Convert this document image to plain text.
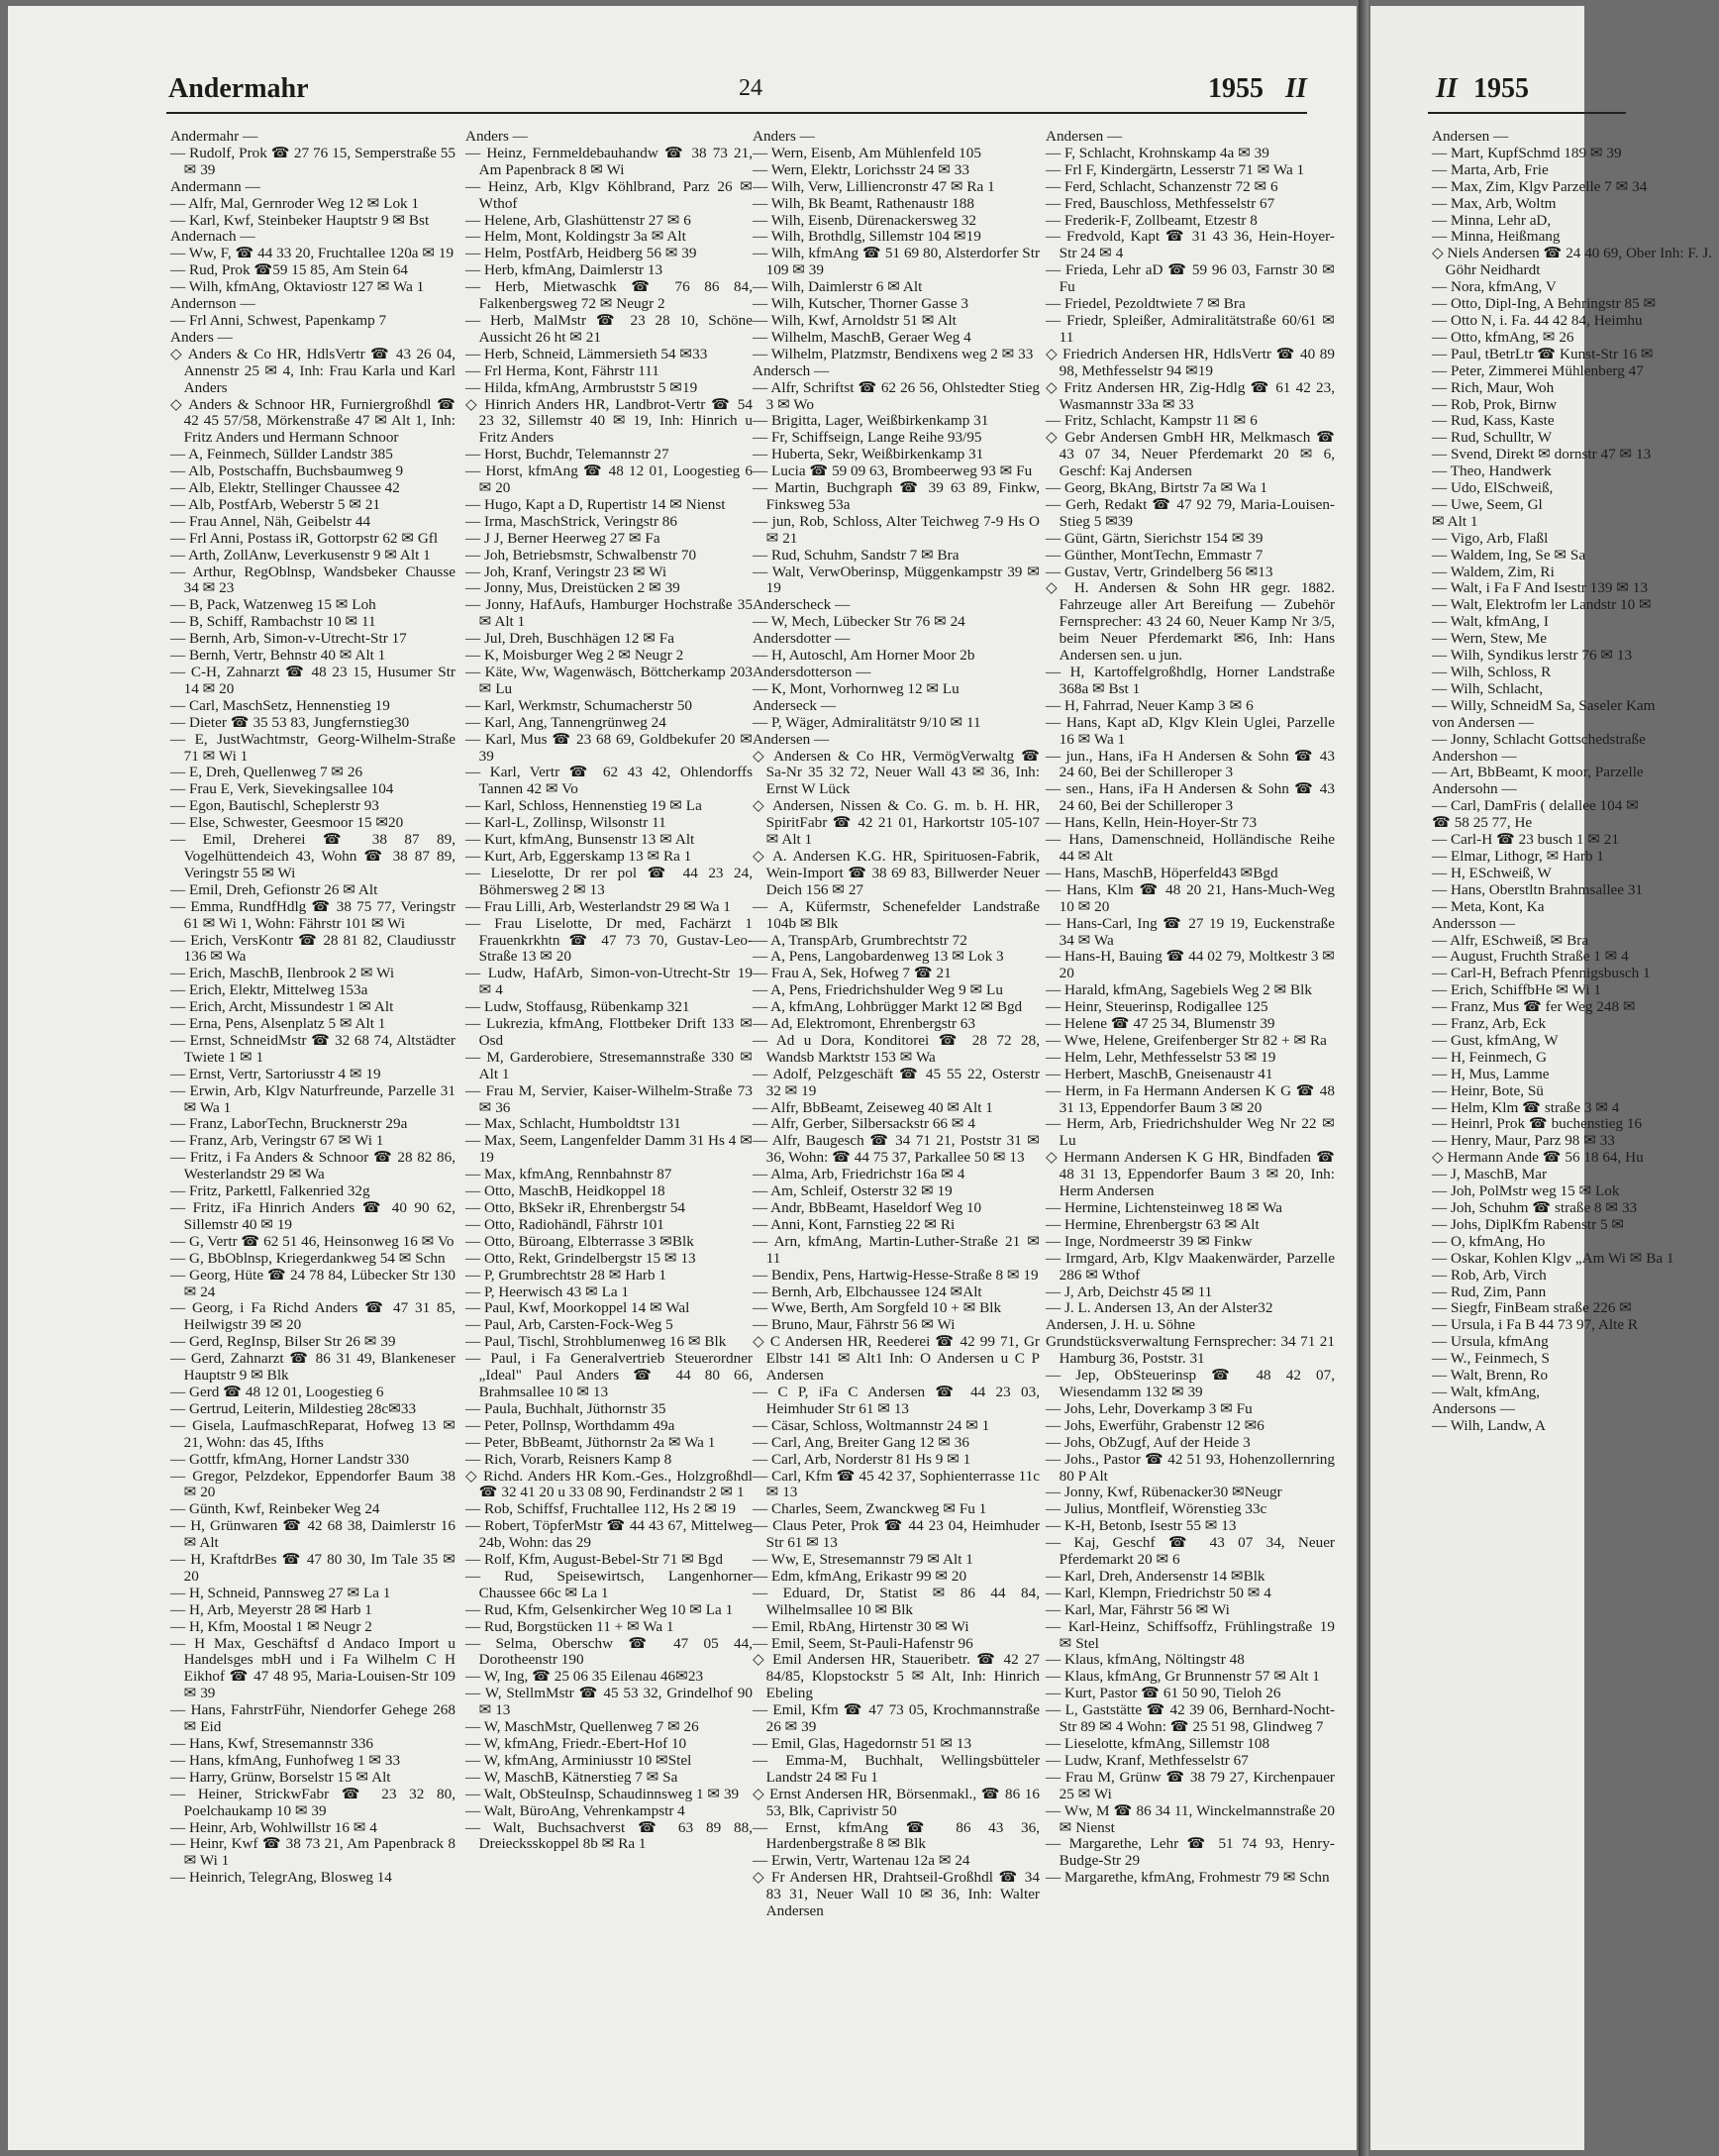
Andermahr	24	1955 II

Andermahr —

— Rudolf, Prok ☎ 27 76 15, Semperstraße 55 ✉ 39

Andermann —

— Alfr, Mal, Gernroder Weg 12 ✉ Lok 1

— Karl, Kwf, Steinbeker Hauptstr 9 ✉ Bst

Andernach —

— Ww, F, ☎ 44 33 20, Fruchtallee 120a ✉ 19

— Rud, Prok ☎59 15 85, Am Stein 64

— Wilh, kfmAng, Oktaviostr 127 ✉ Wa 1

Andernson —

— Frl Anni, Schwest, Papenkamp 7

Anders —

◇ Anders & Co HR, HdlsVertr ☎ 43 26 04, Annenstr 25 ✉ 4, Inh: Frau Karla und Karl Anders

◇ Anders & Schnoor HR, Furniergroßhdl ☎ 42 45 57/58, Mörkenstraße 47 ✉ Alt 1, Inh: Fritz Anders und Hermann Schnoor

— A, Feinmech, Süllder Landstr 385

— Alb, Postschaffn, Buchsbaumweg 9

— Alb, Elektr, Stellinger Chaussee 42

— Alb, PostfArb, Weberstr 5 ✉ 21

— Frau Annel, Näh, Geibelstr 44

— Frl Anni, Postass iR, Gottorpstr 62 ✉ Gfl

— Arth, ZollAnw, Leverkusenstr 9 ✉ Alt 1

— Arthur, RegOblnsp, Wandsbeker Chausse 34 ✉ 23

— B, Pack, Watzenweg 15 ✉ Loh

— B, Schiff, Rambachstr 10 ✉ 11

— Bernh, Arb, Simon-v-Utrecht-Str 17

— Bernh, Vertr, Behnstr 40 ✉ Alt 1

— C-H, Zahnarzt ☎ 48 23 15, Husumer Str 14 ✉ 20

— Carl, MaschSetz, Hennenstieg 19

— Dieter ☎ 35 53 83, Jungfernstieg30

— E, JustWachtmstr, Georg-Wilhelm-Straße 71 ✉ Wi 1

— E, Dreh, Quellenweg 7 ✉ 26

— Frau E, Verk, Sievekingsallee 104

— Egon, Bautischl, Scheplerstr 93

— Else, Schwester, Geesmoor 15 ✉20

— Emil, Dreherei ☎ 38 87 89, Vogelhüttendeich 43, Wohn ☎ 38 87 89, Veringstr 55 ✉ Wi

— Emil, Dreh, Gefionstr 26 ✉ Alt

— Emma, RundfHdlg ☎ 38 75 77, Veringstr 61 ✉ Wi 1, Wohn: Fährstr 101 ✉ Wi

— Erich, VersKontr ☎ 28 81 82, Claudiusstr 136 ✉ Wa

— Erich, MaschB, Ilenbrook 2 ✉ Wi

— Erich, Elektr, Mittelweg 153a

— Erich, Archt, Missundestr 1 ✉ Alt

— Erna, Pens, Alsenplatz 5 ✉ Alt 1

— Ernst, SchneidMstr ☎ 32 68 74, Altstädter Twiete 1 ✉ 1

— Ernst, Vertr, Sartoriusstr 4 ✉ 19

— Erwin, Arb, Klgv Naturfreunde, Parzelle 31 ✉ Wa 1

— Franz, LaborTechn, Brucknerstr 29a

— Franz, Arb, Veringstr 67 ✉ Wi 1

— Fritz, i Fa Anders & Schnoor ☎ 28 82 86, Westerlandstr 29 ✉ Wa

— Fritz, Parkettl, Falkenried 32g

— Fritz, iFa Hinrich Anders ☎ 40 90 62, Sillemstr 40 ✉ 19

— G, Vertr ☎ 62 51 46, Heinsonweg 16 ✉ Vo

— G, BbOblnsp, Kriegerdankweg 54 ✉ Schn

— Georg, Hüte ☎ 24 78 84, Lübecker Str 130 ✉ 24

— Georg, i Fa Richd Anders ☎ 47 31 85, Heilwigstr 39 ✉ 20

— Gerd, RegInsp, Bilser Str 26 ✉ 39

— Gerd, Zahnarzt ☎ 86 31 49, Blankeneser Hauptstr 9 ✉ Blk

— Gerd ☎ 48 12 01, Loogestieg 6

— Gertrud, Leiterin, Mildestieg 28c✉33

— Gisela, LaufmaschReparat, Hofweg 13 ✉ 21, Wohn: das 45, Ifths

— Gottfr, kfmAng, Horner Landstr 330

— Gregor, Pelzdekor, Eppendorfer Baum 38 ✉ 20

— Günth, Kwf, Reinbeker Weg 24

— H, Grünwaren ☎ 42 68 38, Daimlerstr 16 ✉ Alt

— H, KraftdrBes ☎ 47 80 30, Im Tale 35 ✉ 20

— H, Schneid, Pannsweg 27 ✉ La 1

— H, Arb, Meyerstr 28 ✉ Harb 1

— H, Kfm, Moostal 1 ✉ Neugr 2

— H Max, Geschäftsf d Andaco Import u Handelsges mbH und i Fa Wilhelm C H Eikhof ☎ 47 48 95, Maria-Louisen-Str 109 ✉ 39

— Hans, FahrstrFühr, Niendorfer Gehege 268 ✉ Eid

— Hans, Kwf, Stresemannstr 336

— Hans, kfmAng, Funhofweg 1 ✉ 33

— Harry, Grünw, Borselstr 15 ✉ Alt

— Heiner, StrickwFabr ☎ 23 32 80, Poelchaukamp 10 ✉ 39

— Heinr, Arb, Wohlwillstr 16 ✉ 4

— Heinr, Kwf ☎ 38 73 21, Am Papenbrack 8 ✉ Wi 1

— Heinrich, TelegrAng, Blosweg 14

Anders —

— Heinz, Fernmeldebauhandw ☎ 38 73 21, Am Papenbrack 8 ✉ Wi

— Heinz, Arb, Klgv Köhlbrand, Parz 26 ✉ Wthof

— Helene, Arb, Glashüttenstr 27 ✉ 6

— Helm, Mont, Koldingstr 3a ✉ Alt

— Helm, PostfArb, Heidberg 56 ✉ 39

— Herb, kfmAng, Daimlerstr 13

— Herb, Mietwaschk ☎ 76 86 84, Falkenbergsweg 72 ✉ Neugr 2

— Herb, MalMstr ☎ 23 28 10, Schöne Aussicht 26 ht ✉ 21

— Herb, Schneid, Lämmersieth 54 ✉33

— Frl Herma, Kont, Fährstr 111

— Hilda, kfmAng, Armbruststr 5 ✉19

◇ Hinrich Anders HR, Landbrot-Vertr ☎ 54 23 32, Sillemstr 40 ✉ 19, Inh: Hinrich u Fritz Anders

— Horst, Buchdr, Telemannstr 27

— Horst, kfmAng ☎ 48 12 01, Loogestieg 6 ✉ 20

— Hugo, Kapt a D, Rupertistr 14 ✉ Nienst

— Irma, MaschStrick, Veringstr 86

— J J, Berner Heerweg 27 ✉ Fa

— Joh, Betriebsmstr, Schwalbenstr 70

— Joh, Kranf, Veringstr 23 ✉ Wi

— Jonny, Mus, Dreistücken 2 ✉ 39

— Jonny, HafAufs, Hamburger Hochstraße 35 ✉ Alt 1

— Jul, Dreh, Buschhägen 12 ✉ Fa

— K, Moisburger Weg 2 ✉ Neugr 2

— Käte, Ww, Wagenwäsch, Böttcherkamp 203 ✉ Lu

— Karl, Werkmstr, Schumacherstr 50

— Karl, Ang, Tannengrünweg 24

— Karl, Mus ☎ 23 68 69, Goldbekufer 20 ✉ 39

— Karl, Vertr ☎ 62 43 42, Ohlendorffs Tannen 42 ✉ Vo

— Karl, Schloss, Hennenstieg 19 ✉ La

— Karl-L, Zollinsp, Wilsonstr 11

— Kurt, kfmAng, Bunsenstr 13 ✉ Alt

— Kurt, Arb, Eggerskamp 13 ✉ Ra 1

— Lieselotte, Dr rer pol ☎ 44 23 24, Böhmersweg 2 ✉ 13

— Frau Lilli, Arb, Westerlandstr 29 ✉ Wa 1

— Frau Liselotte, Dr med, Fachärzt 1 Frauenkrkhtn ☎ 47 73 70, Gustav-Leo-Straße 13 ✉ 20

— Ludw, HafArb, Simon-von-Utrecht-Str 19 ✉ 4

— Ludw, Stoffausg, Rübenkamp 321

— Lukrezia, kfmAng, Flottbeker Drift 133 ✉ Osd

— M, Garderobiere, Stresemannstraße 330 ✉ Alt 1

— Frau M, Servier, Kaiser-Wilhelm-Straße 73 ✉ 36

— Max, Schlacht, Humboldtstr 131

— Max, Seem, Langenfelder Damm 31 Hs 4 ✉ 19

— Max, kfmAng, Rennbahnstr 87

— Otto, MaschB, Heidkoppel 18

— Otto, BkSekr iR, Ehrenbergstr 54

— Otto, Radiohändl, Fährstr 101

— Otto, Büroang, Elbterrasse 3 ✉Blk

— Otto, Rekt, Grindelbergstr 15 ✉ 13

— P, Grumbrechtstr 28 ✉ Harb 1

— P, Heerwisch 43 ✉ La 1

— Paul, Kwf, Moorkoppel 14 ✉ Wal

— Paul, Arb, Carsten-Fock-Weg 5

— Paul, Tischl, Strohblumenweg 16 ✉ Blk

— Paul, i Fa Generalvertrieb Steuerordner „Ideal" Paul Anders ☎ 44 80 66, Brahmsallee 10 ✉ 13

— Paula, Buchhalt, Jüthornstr 35

— Peter, Pollnsp, Worthdamm 49a

— Peter, BbBeamt, Jüthornstr 2a ✉ Wa 1

— Rich, Vorarb, Reisners Kamp 8

◇ Richd. Anders HR Kom.-Ges., Holzgroßhdl ☎ 32 41 20 u 33 08 90, Ferdinandstr 2 ✉ 1

— Rob, Schiffsf, Fruchtallee 112, Hs 2 ✉ 19

— Robert, TöpferMstr ☎ 44 43 67, Mittelweg 24b, Wohn: das 29

— Rolf, Kfm, August-Bebel-Str 71 ✉ Bgd

— Rud, Speisewirtsch, Langenhorner Chaussee 66c ✉ La 1

— Rud, Kfm, Gelsenkircher Weg 10 ✉ La 1

— Rud, Borgstücken 11 + ✉ Wa 1

— Selma, Oberschw ☎ 47 05 44, Dorotheenstr 190

— W, Ing, ☎ 25 06 35 Eilenau 46✉23

— W, StellmMstr ☎ 45 53 32, Grindelhof 90 ✉ 13

— W, MaschMstr, Quellenweg 7 ✉ 26

— W, kfmAng, Friedr.-Ebert-Hof 10

— W, kfmAng, Arminiusstr 10 ✉Stel

— W, MaschB, Kätnerstieg 7 ✉ Sa

— Walt, ObSteuInsp, Schaudinnsweg 1 ✉ 39

— Walt, BüroAng, Vehrenkampstr 4

— Walt, Buchsachverst ☎ 63 89 88, Dreiecksskoppel 8b ✉ Ra 1

Anders —

— Wern, Eisenb, Am Mühlenfeld 105

— Wern, Elektr, Lorichsstr 24 ✉ 33

— Wilh, Verw, Lilliencronstr 47 ✉ Ra 1

— Wilh, Bk Beamt, Rathenaustr 188

— Wilh, Eisenb, Dürenackersweg 32

— Wilh, Brothdlg, Sillemstr 104 ✉19

— Wilh, kfmAng ☎ 51 69 80, Alsterdorfer Str 109 ✉ 39

— Wilh, Daimlerstr 6 ✉ Alt

— Wilh, Kutscher, Thorner Gasse 3

— Wilh, Kwf, Arnoldstr 51 ✉ Alt

— Wilhelm, MaschB, Geraer Weg 4

— Wilhelm, Platzmstr, Bendixens weg 2 ✉ 33

Andersch —

— Alfr, Schriftst ☎ 62 26 56, Ohlstedter Stieg 3 ✉ Wo

— Brigitta, Lager, Weißbirkenkamp 31

— Fr, Schiffseign, Lange Reihe 93/95

— Huberta, Sekr, Weißbirkenkamp 31

— Lucia ☎ 59 09 63, Brombeerweg 93 ✉ Fu

— Martin, Buchgraph ☎ 39 63 89, Finkw, Finksweg 53a

— jun, Rob, Schloss, Alter Teichweg 7-9 Hs O ✉ 21

— Rud, Schuhm, Sandstr 7 ✉ Bra

— Walt, VerwOberinsp, Müggenkampstr 39 ✉ 19

Anderscheck —

— W, Mech, Lübecker Str 76 ✉ 24

Andersdotter —

— H, Autoschl, Am Horner Moor 2b

Andersdotterson —

— K, Mont, Vorhornweg 12 ✉ Lu

Anderseck —

— P, Wäger, Admiralitätstr 9/10 ✉ 11

Andersen —

◇ Andersen & Co HR, VermögVerwaltg ☎ Sa-Nr 35 32 72, Neuer Wall 43 ✉ 36, Inh: Ernst W Lück

◇ Andersen, Nissen & Co. G. m. b. H. HR, SpiritFabr ☎ 42 21 01, Harkortstr 105-107 ✉ Alt 1

◇ A. Andersen K.G. HR, Spirituosen-Fabrik, Wein-Import ☎ 38 69 83, Billwerder Neuer Deich 156 ✉ 27

— A, Küfermstr, Schenefelder Landstraße 104b ✉ Blk

— A, TranspArb, Grumbrechtstr 72

— A, Pens, Langobardenweg 13 ✉ Lok 3

— Frau A, Sek, Hofweg 7 ☎ 21

— A, Pens, Friedrichshulder Weg 9 ✉ Lu

— A, kfmAng, Lohbrügger Markt 12 ✉ Bgd

— Ad, Elektromont, Ehrenbergstr 63

— Ad u Dora, Konditorei ☎ 28 72 28, Wandsb Marktstr 153 ✉ Wa

— Adolf, Pelzgeschäft ☎ 45 55 22, Osterstr 32 ✉ 19

— Alfr, BbBeamt, Zeiseweg 40 ✉ Alt 1

— Alfr, Gerber, Silbersackstr 66 ✉ 4

— Alfr, Baugesch ☎ 34 71 21, Poststr 31 ✉ 36, Wohn: ☎ 44 75 37, Parkallee 50 ✉ 13

— Alma, Arb, Friedrichstr 16a ✉ 4

— Am, Schleif, Osterstr 32 ✉ 19

— Andr, BbBeamt, Haseldorf Weg 10

— Anni, Kont, Farnstieg 22 ✉ Ri

— Arn, kfmAng, Martin-Luther-Straße 21 ✉ 11

— Bendix, Pens, Hartwig-Hesse-Straße 8 ✉ 19

— Bernh, Arb, Elbchaussee 124 ✉Alt

— Wwe, Berth, Am Sorgfeld 10 + ✉ Blk

— Bruno, Maur, Fährstr 56 ✉ Wi

◇ C Andersen HR, Reederei ☎ 42 99 71, Gr Elbstr 141 ✉ Alt1 Inh: O Andersen u C P Andersen

— C P, iFa C Andersen ☎ 44 23 03, Heimhuder Str 61 ✉ 13

— Cäsar, Schloss, Woltmannstr 24 ✉ 1

— Carl, Ang, Breiter Gang 12 ✉ 36

— Carl, Arb, Norderstr 81 Hs 9 ✉ 1

— Carl, Kfm ☎ 45 42 37, Sophienterrasse 11c ✉ 13

— Charles, Seem, Zwanckweg ✉ Fu 1

— Claus Peter, Prok ☎ 44 23 04, Heimhuder Str 61 ✉ 13

— Ww, E, Stresemannstr 79 ✉ Alt 1

— Edm, kfmAng, Erikastr 99 ✉ 20

— Eduard, Dr, Statist ✉ 86 44 84, Wilhelmsallee 10 ✉ Blk

— Emil, RbAng, Hirtenstr 30 ✉ Wi

— Emil, Seem, St-Pauli-Hafenstr 96

◇ Emil Andersen HR, Staueribetr. ☎ 42 27 84/85, Klopstockstr 5 ✉ Alt, Inh: Hinrich Ebeling

— Emil, Kfm ☎ 47 73 05, Krochmannstraße 26 ✉ 39

— Emil, Glas, Hagedornstr 51 ✉ 13

— Emma-M, Buchhalt, Wellingsbütteler Landstr 24 ✉ Fu 1

◇ Ernst Andersen HR, Börsenmakl., ☎ 86 16 53, Blk, Caprivistr 50

— Ernst, kfmAng ☎ 86 43 36, Hardenbergstraße 8 ✉ Blk

— Erwin, Vertr, Wartenau 12a ✉ 24

◇ Fr Andersen HR, Drahtseil-Großhdl ☎ 34 83 31, Neuer Wall 10 ✉ 36, Inh: Walter Andersen

Andersen —

— F, Schlacht, Krohnskamp 4a ✉ 39

— Frl F, Kindergärtn, Lesserstr 71 ✉ Wa 1

— Ferd, Schlacht, Schanzenstr 72 ✉ 6

— Fred, Bauschloss, Methfesselstr 67

— Frederik-F, Zollbeamt, Etzestr 8

— Fredvold, Kapt ☎ 31 43 36, Hein-Hoyer-Str 24 ✉ 4

— Frieda, Lehr aD ☎ 59 96 03, Farnstr 30 ✉ Fu

— Friedel, Pezoldtwiete 7 ✉ Bra

— Friedr, Spleißer, Admiralitätstraße 60/61 ✉ 11

◇ Friedrich Andersen HR, HdlsVertr ☎ 40 89 98, Methfesselstr 94 ✉19

◇ Fritz Andersen HR, Zig-Hdlg ☎ 61 42 23, Wasmannstr 33a ✉ 33

— Fritz, Schlacht, Kampstr 11 ✉ 6

◇ Gebr Andersen GmbH HR, Melkmasch ☎ 43 07 34, Neuer Pferdemarkt 20 ✉ 6, Geschf: Kaj Andersen

— Georg, BkAng, Birtstr 7a ✉ Wa 1

— Gerh, Redakt ☎ 47 92 79, Maria-Louisen-Stieg 5 ✉39

— Günt, Gärtn, Sierichstr 154 ✉ 39

— Günther, MontTechn, Emmastr 7

— Gustav, Vertr, Grindelberg 56 ✉13

◇ H. Andersen & Sohn HR gegr. 1882. Fahrzeuge aller Art Bereifung — Zubehör Fernsprecher: 43 24 60, Neuer Kamp Nr 3/5, beim Neuer Pferdemarkt ✉6, Inh: Hans Andersen sen. u jun.

— H, Kartoffelgroßhdlg, Horner Landstraße 368a ✉ Bst 1

— H, Fahrrad, Neuer Kamp 3 ✉ 6

— Hans, Kapt aD, Klgv Klein Uglei, Parzelle 16 ✉ Wa 1

— jun., Hans, iFa H Andersen & Sohn ☎ 43 24 60, Bei der Schilleroper 3

— sen., Hans, iFa H Andersen & Sohn ☎ 43 24 60, Bei der Schilleroper 3

— Hans, Kelln, Hein-Hoyer-Str 73

— Hans, Damenschneid, Holländische Reihe 44 ✉ Alt

— Hans, MaschB, Höperfeld43 ✉Bgd

— Hans, Klm ☎ 48 20 21, Hans-Much-Weg 10 ✉ 20

— Hans-Carl, Ing ☎ 27 19 19, Euckenstraße 34 ✉ Wa

— Hans-H, Bauing ☎ 44 02 79, Moltkestr 3 ✉ 20

— Harald, kfmAng, Sagebiels Weg 2 ✉ Blk

— Heinr, Steuerinsp, Rodigallee 125

— Helene ☎ 47 25 34, Blumenstr 39

— Wwe, Helene, Greifenberger Str 82 + ✉ Ra

— Helm, Lehr, Methfesselstr 53 ✉ 19

— Herbert, MaschB, Gneisenaustr 41

— Herm, in Fa Hermann Andersen K G ☎ 48 31 13, Eppendorfer Baum 3 ✉ 20

— Herm, Arb, Friedrichshulder Weg Nr 22 ✉ Lu

◇ Hermann Andersen K G HR, Bindfaden ☎ 48 31 13, Eppendorfer Baum 3 ✉ 20, Inh: Herm Andersen

— Hermine, Lichtensteinweg 18 ✉ Wa

— Hermine, Ehrenbergstr 63 ✉ Alt

— Inge, Nordmeerstr 39 ✉ Finkw

— Irmgard, Arb, Klgv Maakenwärder, Parzelle 286 ✉ Wthof

— J, Arb, Deichstr 45 ✉ 11

— J. L. Andersen 13, An der Alster32

Andersen, J. H. u. Söhne

Grundstücksverwaltung Fernsprecher: 34 71 21 Hamburg 36, Poststr. 31

— Jep, ObSteuerinsp ☎ 48 42 07, Wiesendamm 132 ✉ 39

— Johs, Lehr, Doverkamp 3 ✉ Fu

— Johs, Ewerführ, Grabenstr 12 ✉6

— Johs, ObZugf, Auf der Heide 3

— Johs., Pastor ☎ 42 51 93, Hohenzollernring 80 P Alt

— Jonny, Kwf, Rübenacker30 ✉Neugr

— Julius, Montfleif, Wörenstieg 33c

— K-H, Betonb, Isestr 55 ✉ 13

— Kaj, Geschf ☎ 43 07 34, Neuer Pferdemarkt 20 ✉ 6

— Karl, Dreh, Andersenstr 14 ✉Blk

— Karl, Klempn, Friedrichstr 50 ✉ 4

— Karl, Mar, Fährstr 56 ✉ Wi

— Karl-Heinz, Schiffsoffz, Frühlingstraße 19 ✉ Stel

— Klaus, kfmAng, Nöltingstr 48

— Klaus, kfmAng, Gr Brunnenstr 57 ✉ Alt 1

— Kurt, Pastor ☎ 61 50 90, Tieloh 26

— L, Gaststätte ☎ 42 39 06, Bernhard-Nocht-Str 89 ✉ 4 Wohn: ☎ 25 51 98, Glindweg 7

— Lieselotte, kfmAng, Sillemstr 108

— Ludw, Kranf, Methfesselstr 67

— Frau M, Grünw ☎ 38 79 27, Kirchenpauer 25 ✉ Wi

— Ww, M ☎ 86 34 11, Winckelmannstraße 20 ✉ Nienst

— Margarethe, Lehr ☎ 51 74 93, Henry-Budge-Str 29

— Margarethe, kfmAng, Frohmestr 79 ✉ Schn

II 1955

Andersen —

— Mart, KupfSchmd 189 ✉ 39

— Marta, Arb, Frie

— Max, Zim, Klgv Parzelle 7 ✉ 34

— Max, Arb, Woltm

— Minna, Lehr aD,

— Minna, Heißmang

◇ Niels Andersen ☎ 24 40 69, Ober Inh: F. J. Göhr Neidhardt

— Nora, kfmAng, V

— Otto, Dipl-Ing, A Behringstr 85 ✉

— Otto N, i. Fa. 44 42 84, Heimhu

— Otto, kfmAng, ✉ 26

— Paul, tBetrLtr ☎ Kunst-Str 16 ✉

— Peter, Zimmerei Mühlenberg 47

— Rich, Maur, Woh

— Rob, Prok, Birnw

— Rud, Kass, Kaste

— Rud, Schulltr, W

— Svend, Direkt ✉ dornstr 47 ✉ 13

— Theo, Handwerk

— Udo, ElSchweiß,

— Uwe, Seem, Gl

✉ Alt 1

— Vigo, Arb, Flaßl

— Waldem, Ing, Se ✉ Sa

— Waldem, Zim, Ri

— Walt, i Fa F And Isestr 139 ✉ 13

— Walt, Elektrofm ler Landstr 10 ✉

— Walt, kfmAng, I

— Wern, Stew, Me

— Wilh, Syndikus lerstr 76 ✉ 13

— Wilh, Schloss, R

— Wilh, Schlacht,

— Willy, SchneidM Sa, Saseler Kam

von Andersen —

— Jonny, Schlacht Gottschedstraße

Andershon —

— Art, BbBeamt, K moor, Parzelle

Andersohn —

— Carl, DamFris ( delallee 104 ✉

☎ 58 25 77, He

— Carl-H ☎ 23 busch 1 ✉ 21

— Elmar, Lithogr, ✉ Harb 1

— H, ESchweiß, W

— Hans, Oberstltn Brahmsallee 31

— Meta, Kont, Ka

Andersson —

— Alfr, ESchweiß, ✉ Bra

— August, Fruchth Straße 1 ✉ 4

— Carl-H, Befrach Pfennigsbusch 1

— Erich, SchiffbHe ✉ Wi 1

— Franz, Mus ☎ fer Weg 248 ✉

— Franz, Arb, Eck

— Gust, kfmAng, W

— H, Feinmech, G

— H, Mus, Lamme

— Heinr, Bote, Sü

— Helm, Klm ☎ straße 3 ✉ 4

— Heinrl, Prok ☎ buchenstieg 16

— Henry, Maur, Parz 98 ✉ 33

◇ Hermann Ande ☎ 56 18 64, Hu

— J, MaschB, Mar

— Joh, PolMstr weg 15 ✉ Lok

— Joh, Schuhm ☎ straße 8 ✉ 33

— Johs, DiplKfm Rabenstr 5 ✉

— O, kfmAng, Ho

— Oskar, Kohlen Klgv „Am Wi ✉ Ba 1

— Rob, Arb, Virch

— Rud, Zim, Pann

— Siegfr, FinBeam straße 226 ✉

— Ursula, i Fa B 44 73 97, Alte R

— Ursula, kfmAng

— W., Feinmech, S

— Walt, Brenn, Ro

— Walt, kfmAng,

Andersons —

— Wilh, Landw, A
